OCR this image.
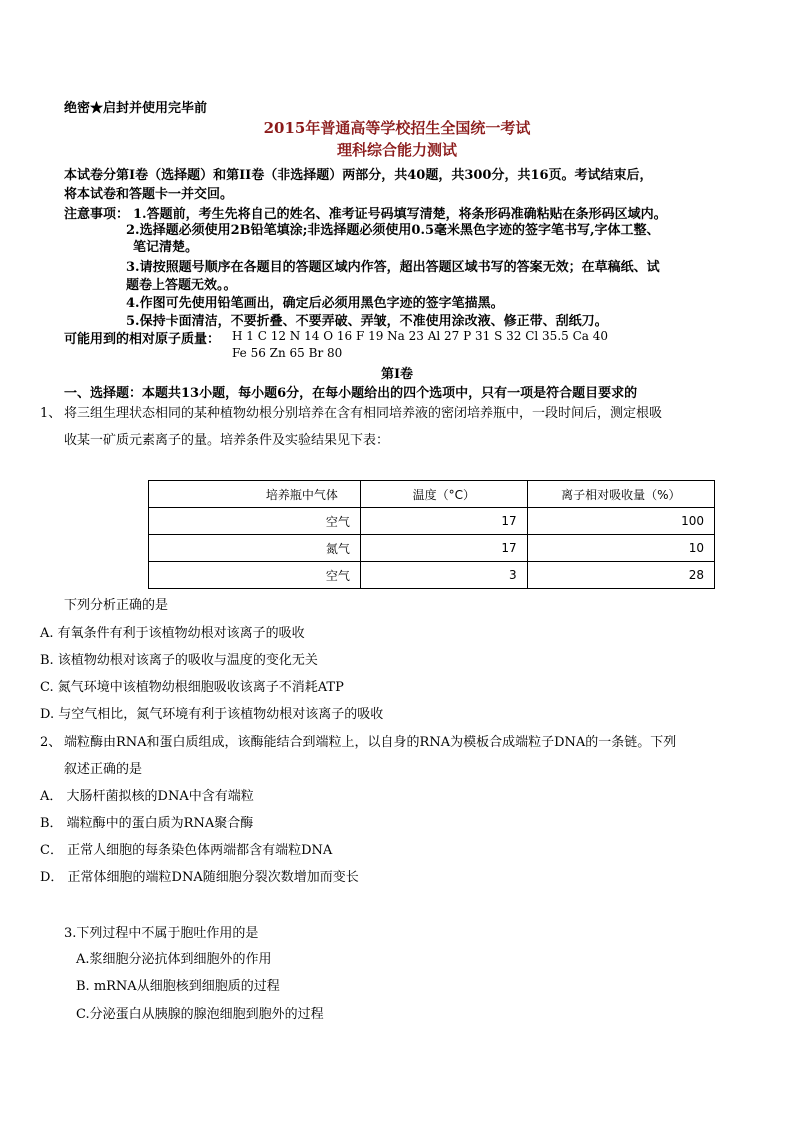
绝密★启封并使用完毕前
2015年普通高等学校招生全国统一考试
理科综合能力测试
本试卷分第Ⅰ卷（选择题）和第II卷（非选择题）两部分，共40题，共300分，共16页。考试结束后，
将本试卷和答题卡一并交回。
注意事项： 1.答题前，考生先将自己的姓名、准考证号码填写清楚，将条形码准确粘贴在条形码区域内。
2.选择题必须使用2B铅笔填涂;非选择题必须使用0.5毫米黑色字迹的签字笔书写,字体工整、
笔记清楚。
3.请按照题号顺序在各题目的答题区域内作答，超出答题区域书写的答案无效；在草稿纸、试
题卷上答题无效。。
4.作图可先使用铅笔画出，确定后必须用黑色字迹的签字笔描黑。
5.保持卡面清洁，不要折叠、不要弄破、弄皱，不准使用涂改液、修正带、刮纸刀。
可能用到的相对原子质量： H 1 C 12 N 14 O 16 F 19 Na 23 Al 27 P 31 S 32 Cl 35.5 Ca 40
Fe 56 Zn 65 Br 80
第Ⅰ卷
一、选择题：本题共13小题，每小题6分，在每小题给出的四个选项中，只有一项是符合题目要求的
1、 将三组生理状态相同的某种植物幼根分别培养在含有相同培养液的密闭培养瓶中，一段时间后，测定根吸
收某一矿质元素离子的量。培养条件及实验结果见下表：
培养瓶中气体	温度（°C）	离子相对吸收量（%）
空气	17	100
氮气	17	10
空气	3	28
下列分析正确的是
A. 有氧条件有利于该植物幼根对该离子的吸收
B. 该植物幼根对该离子的吸收与温度的变化无关
C. 氮气环境中该植物幼根细胞吸收该离子不消耗ATP
D. 与空气相比，氮气环境有利于该植物幼根对该离子的吸收
2、 端粒酶由RNA和蛋白质组成，该酶能结合到端粒上，以自身的RNA为模板合成端粒子DNA的一条链。下列
叙述正确的是
A． 大肠杆菌拟核的DNA中含有端粒
B． 端粒酶中的蛋白质为RNA聚合酶
C． 正常人细胞的每条染色体两端都含有端粒DNA
D． 正常体细胞的端粒DNA随细胞分裂次数增加而变长
3.下列过程中不属于胞吐作用的是
A.浆细胞分泌抗体到细胞外的作用
B. mRNA从细胞核到细胞质的过程
C.分泌蛋白从胰腺的腺泡细胞到胞外的过程
